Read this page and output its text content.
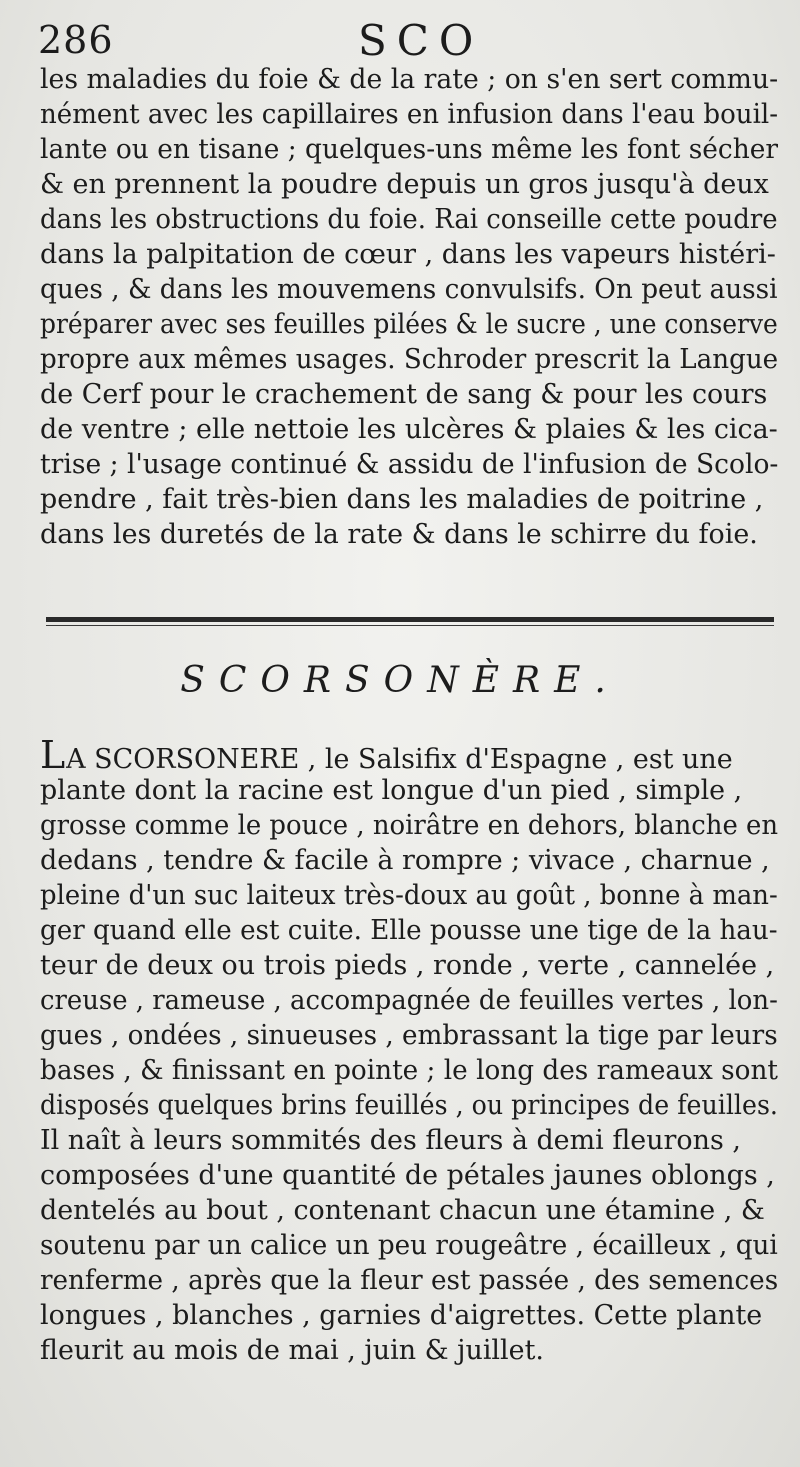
286	SCO
les maladies du foie & de la rate ; on s'en sert commu-
nément avec les capillaires en infusion dans l'eau bouil-
lante ou en tisane ; quelques-uns même les font sécher
& en prennent la poudre depuis un gros jusqu'à deux
dans les obstructions du foie. Rai conseille cette poudre
dans la palpitation de cœur , dans les vapeurs histéri-
ques , & dans les mouvemens convulsifs. On peut aussi
préparer avec ses feuilles pilées & le sucre , une conserve
propre aux mêmes usages. Schroder prescrit la Langue
de Cerf pour le crachement de sang & pour les cours
de ventre ; elle nettoie les ulcères & plaies & les cica-
trise ; l'usage continué & assidu de l'infusion de Scolo-
pendre , fait très-bien dans les maladies de poitrine ,
dans les duretés de la rate & dans le schirre du foie.
SCORSONÈRE.
LA SCORSONERE , le Salsifix d'Espagne , est une
plante dont la racine est longue d'un pied , simple ,
grosse comme le pouce , noirâtre en dehors, blanche en
dedans , tendre & facile à rompre ; vivace , charnue ,
pleine d'un suc laiteux très-doux au goût , bonne à man-
ger quand elle est cuite. Elle pousse une tige de la hau-
teur de deux ou trois pieds , ronde , verte , cannelée ,
creuse , rameuse , accompagnée de feuilles vertes , lon-
gues , ondées , sinueuses , embrassant la tige par leurs
bases , & finissant en pointe ; le long des rameaux sont
disposés quelques brins feuillés , ou principes de feuilles.
Il naît à leurs sommités des fleurs à demi fleurons ,
composées d'une quantité de pétales jaunes oblongs ,
dentelés au bout , contenant chacun une étamine , &
soutenu par un calice un peu rougeâtre , écailleux , qui
renferme , après que la fleur est passée , des semences
longues , blanches , garnies d'aigrettes. Cette plante
fleurit au mois de mai , juin & juillet.
